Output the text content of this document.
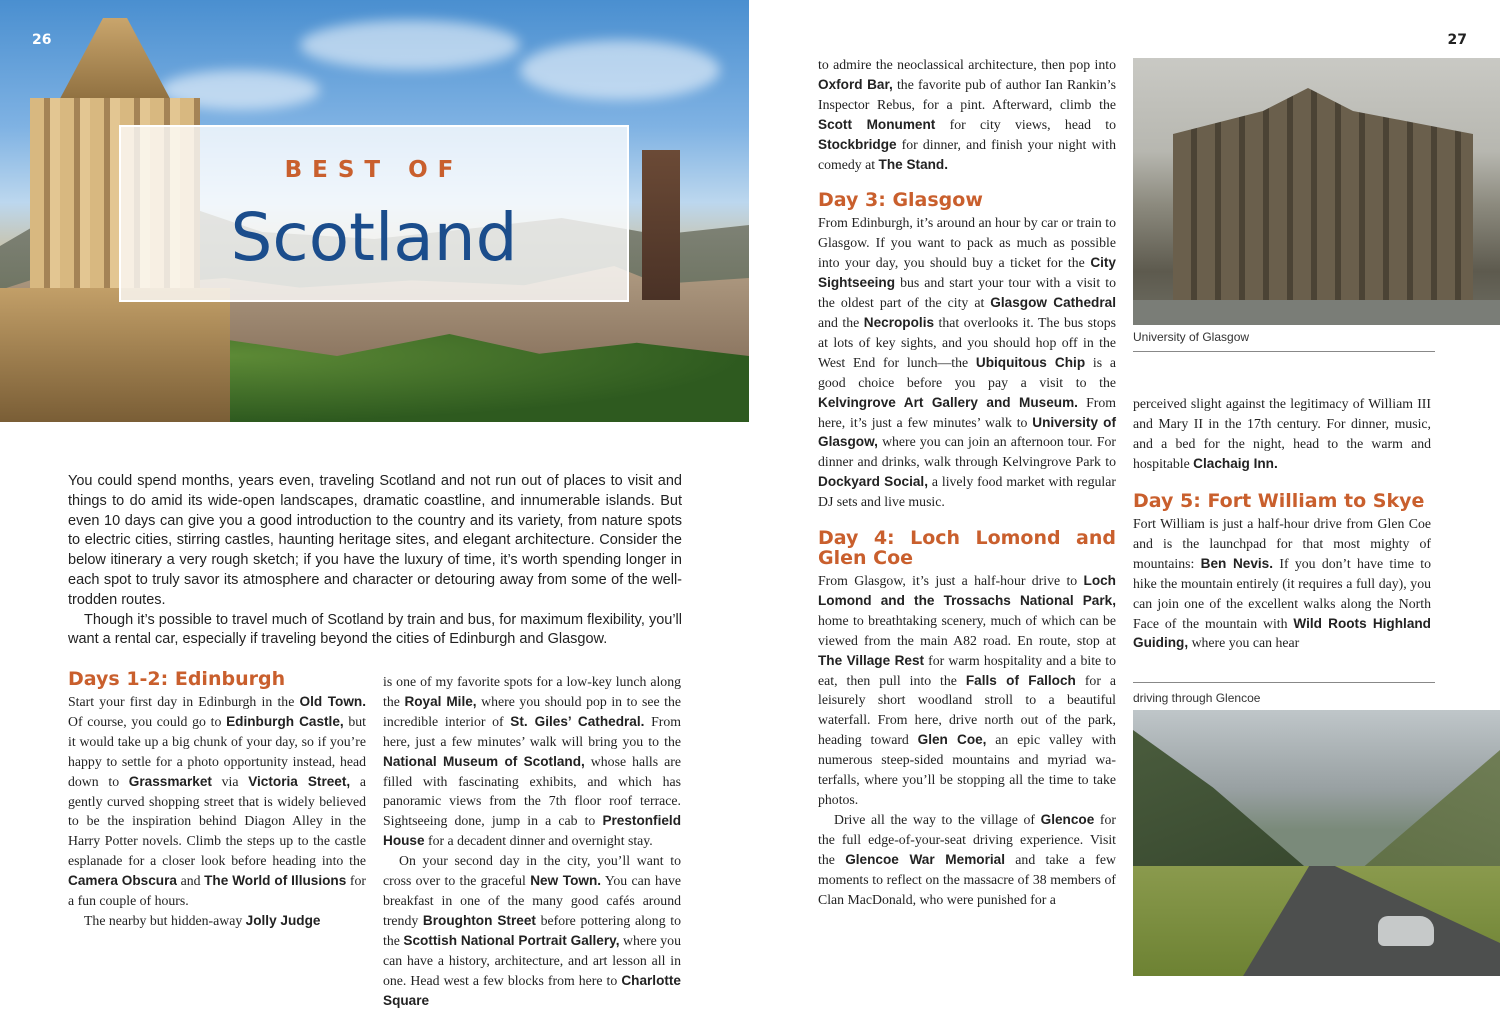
BEST OF
Scotland
26

You could spend months, years even, traveling Scotland and not run out of places to visit and things to do amid its wide-open landscapes, dramatic coastline, and innumerable islands. But even 10 days can give you a good introduction to the country and its variety, from nature spots to electric cities, stirring castles, haunting heritage sites, and elegant architecture. Consider the below itinerary a very rough sketch; if you have the luxury of time, it’s worth spending longer in each spot to truly savor its atmosphere and character or detouring away from some of the well-trodden routes.

Though it’s possible to travel much of Scotland by train and bus, for maximum flexibility, you’ll want a rental car, especially if traveling beyond the cities of Edinburgh and Glasgow.

Days 1-2: Edinburgh

Start your first day in Edinburgh in the Old Town. Of course, you could go to Edinburgh Castle, but it would take up a big chunk of your day, so if you’re happy to settle for a photo opportunity instead, head down to Grassmarket via Victoria Street, a gently curved shopping street that is widely believed to be the inspiration behind Diagon Alley in the Harry Potter novels. Climb the steps up to the castle esplanade for a closer look before heading into the Camera Obscura and The World of Illusions for a fun couple of hours.

The nearby but hidden-away Jolly Judge

27

to admire the neoclassical architecture, then pop into Oxford Bar, the favorite pub of author Ian Rankin’s Inspector Rebus, for a pint. Afterward, climb the Scott Monument for city views, head to Stockbridge for dinner, and finish your night with comedy at The Stand.

Day 3: Glasgow

From Edinburgh, it’s around an hour by car or train to Glasgow. If you want to pack as much as possible into your day, you should buy a ticket for the City Sightseeing bus and start your tour with a visit to the oldest part of the city at Glasgow Cathedral and the Necropolis that overlooks it. The bus stops at lots of key sights, and you should hop off in the West End for lunch—the Ubiquitous Chip is a good choice before you pay a visit to the Kelvingrove Art Gallery and Museum. From here, it’s just a few minutes’ walk to University of Glasgow, where you can join an afternoon tour. For dinner and drinks, walk through Kelvingrove Park to Dockyard Social, a lively food market with regular DJ sets and live music.

Day 4: Loch Lomond and Glen Coe

From Glasgow, it’s just a half-hour drive to Loch Lomond and the Trossachs National Park, home to breathtaking scenery, much of which can be viewed from the main A82 road. En route, stop at The Village Rest for warm hospitality and a bite to eat, then pull into the Falls of Falloch for a leisurely short woodland stroll to a beautiful waterfall. From here, drive north out of the park, heading toward Glen Coe, an epic valley with numerous steep-sided mountains and myriad waterfalls, where you’ll be stopping all the time to take photos.

Drive all the way to the village of Glencoe for the full edge-of-your-seat driving experience. Visit the Glencoe War Memorial and take a few moments to reflect on the massacre of 38 members of Clan MacDonald, who were punished for a

University of Glasgow

perceived slight against the legitimacy of William III and Mary II in the 17th century. For dinner, music, and a bed for the night, head to the warm and hospitable Clachaig Inn.

driving through Glencoe

is one of my favorite spots for a low-key lunch along the Royal Mile, where you should pop in to see the incredible interior of St. Giles’ Cathedral. From here, just a few minutes’ walk will bring you to the National Museum of Scotland, whose halls are filled with fascinating exhibits, and which has panoramic views from the 7th floor roof terrace. Sightseeing done, jump in a cab to Prestonfield House for a decadent dinner and overnight stay.

On your second day in the city, you’ll want to cross over to the graceful New Town. You can have breakfast in one of the many good cafés around trendy Broughton Street before pottering along to the Scottish National Portrait Gallery, where you can have a history, architecture, and art lesson all in one. Head west a few blocks from here to Charlotte Square

Day 5: Fort William to Skye

Fort William is just a half-hour drive from Glen Coe and is the launchpad for that most mighty of mountains: Ben Nevis. If you don’t have time to hike the mountain entirely (it requires a full day), you can join one of the excellent walks along the North Face of the mountain with Wild Roots Highland Guiding, where you can hear
